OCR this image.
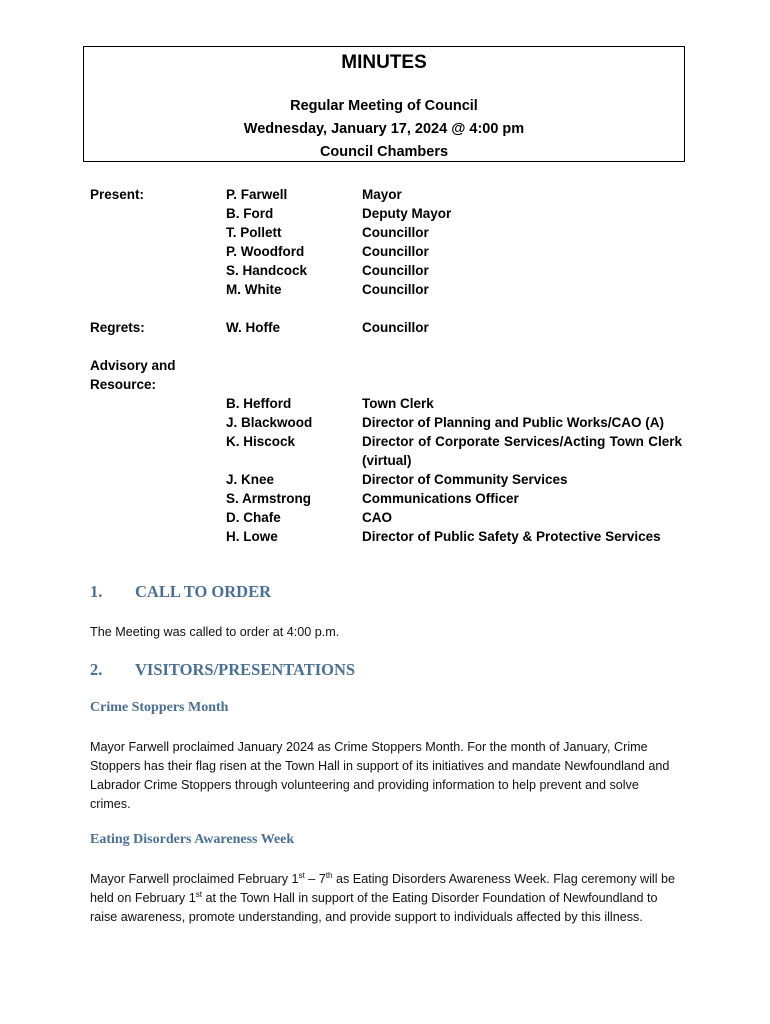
MINUTES
Regular Meeting of Council
Wednesday, January 17, 2024 @ 4:00 pm
Council Chambers
Present:	P. Farwell	Mayor
B. Ford	Deputy Mayor
T. Pollett	Councillor
P. Woodford	Councillor
S. Handcock	Councillor
M. White	Councillor
Regrets:	W. Hoffe	Councillor
Advisory and
Resource:
B. Hefford	Town Clerk
J. Blackwood	Director of Planning and Public Works/CAO (A)
K. Hiscock	Director of Corporate Services/Acting Town Clerk (virtual)
J. Knee	Director of Community Services
S. Armstrong	Communications Officer
D. Chafe	CAO
H. Lowe	Director of Public Safety & Protective Services
1. CALL TO ORDER
The Meeting was called to order at 4:00 p.m.
2. VISITORS/PRESENTATIONS
Crime Stoppers Month
Mayor Farwell proclaimed January 2024 as Crime Stoppers Month. For the month of January, Crime Stoppers has their flag risen at the Town Hall in support of its initiatives and mandate Newfoundland and Labrador Crime Stoppers through volunteering and providing information to help prevent and solve crimes.
Eating Disorders Awareness Week
Mayor Farwell proclaimed February 1st – 7th as Eating Disorders Awareness Week. Flag ceremony will be held on February 1st at the Town Hall in support of the Eating Disorder Foundation of Newfoundland to raise awareness, promote understanding, and provide support to individuals affected by this illness.
